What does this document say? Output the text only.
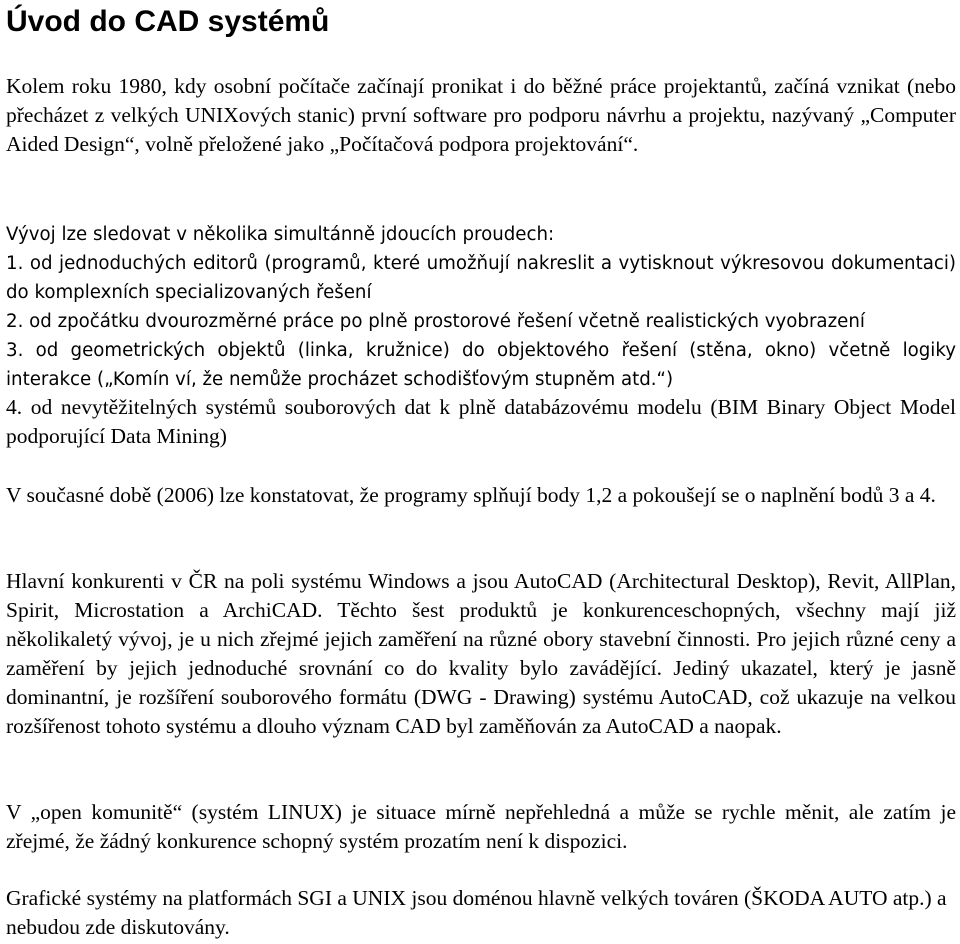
Úvod do CAD systémů

Kolem roku 1980, kdy osobní počítače začínají pronikat i do běžné práce projektantů, začíná vznikat (nebo přecházet z velkých UNIXových stanic) první software pro podporu návrhu a projektu, nazývaný „Computer Aided Design“, volně přeložené jako „Počítačová podpora projektování“.

Vývoj lze sledovat v několika simultánně jdoucích proudech:

1. od jednoduchých editorů (programů, které umožňují nakreslit a vytisknout výkresovou dokumentaci) do komplexních specializovaných řešení

2. od zpočátku dvourozměrné práce po plně prostorové řešení včetně realistických vyobrazení

3. od geometrických objektů (linka, kružnice) do objektového řešení (stěna, okno) včetně logiky interakce („Komín ví, že nemůže procházet schodišťovým stupněm atd.“)

4. od nevytěžitelných systémů souborových dat k plně databázovému modelu (BIM Binary Object Model podporující Data Mining)

V současné době (2006) lze konstatovat, že programy splňují body 1,2 a pokoušejí se o naplnění bodů 3 a 4.

Hlavní konkurenti v ČR na poli systému Windows a jsou AutoCAD (Architectural Desktop), Revit, AllPlan, Spirit, Microstation a ArchiCAD. Těchto šest produktů je konkurenceschopných, všechny mají již několikaletý vývoj, je u nich zřejmé jejich zaměření na různé obory stavební činnosti. Pro jejich různé ceny a zaměření by jejich jednoduché srovnání co do kvality bylo zavádějící. Jediný ukazatel, který je jasně dominantní, je rozšíření souborového formátu (DWG - Drawing) systému AutoCAD, což ukazuje na velkou rozšířenost tohoto systému a dlouho význam CAD byl zaměňován za AutoCAD a naopak.

V „open komunitě“ (systém LINUX) je situace mírně nepřehledná a může se rychle měnit, ale zatím je zřejmé, že žádný konkurence schopný systém prozatím není k dispozici.

Grafické systémy na platformách SGI a UNIX jsou doménou hlavně velkých továren (ŠKODA AUTO atp.) a nebudou zde diskutovány.
